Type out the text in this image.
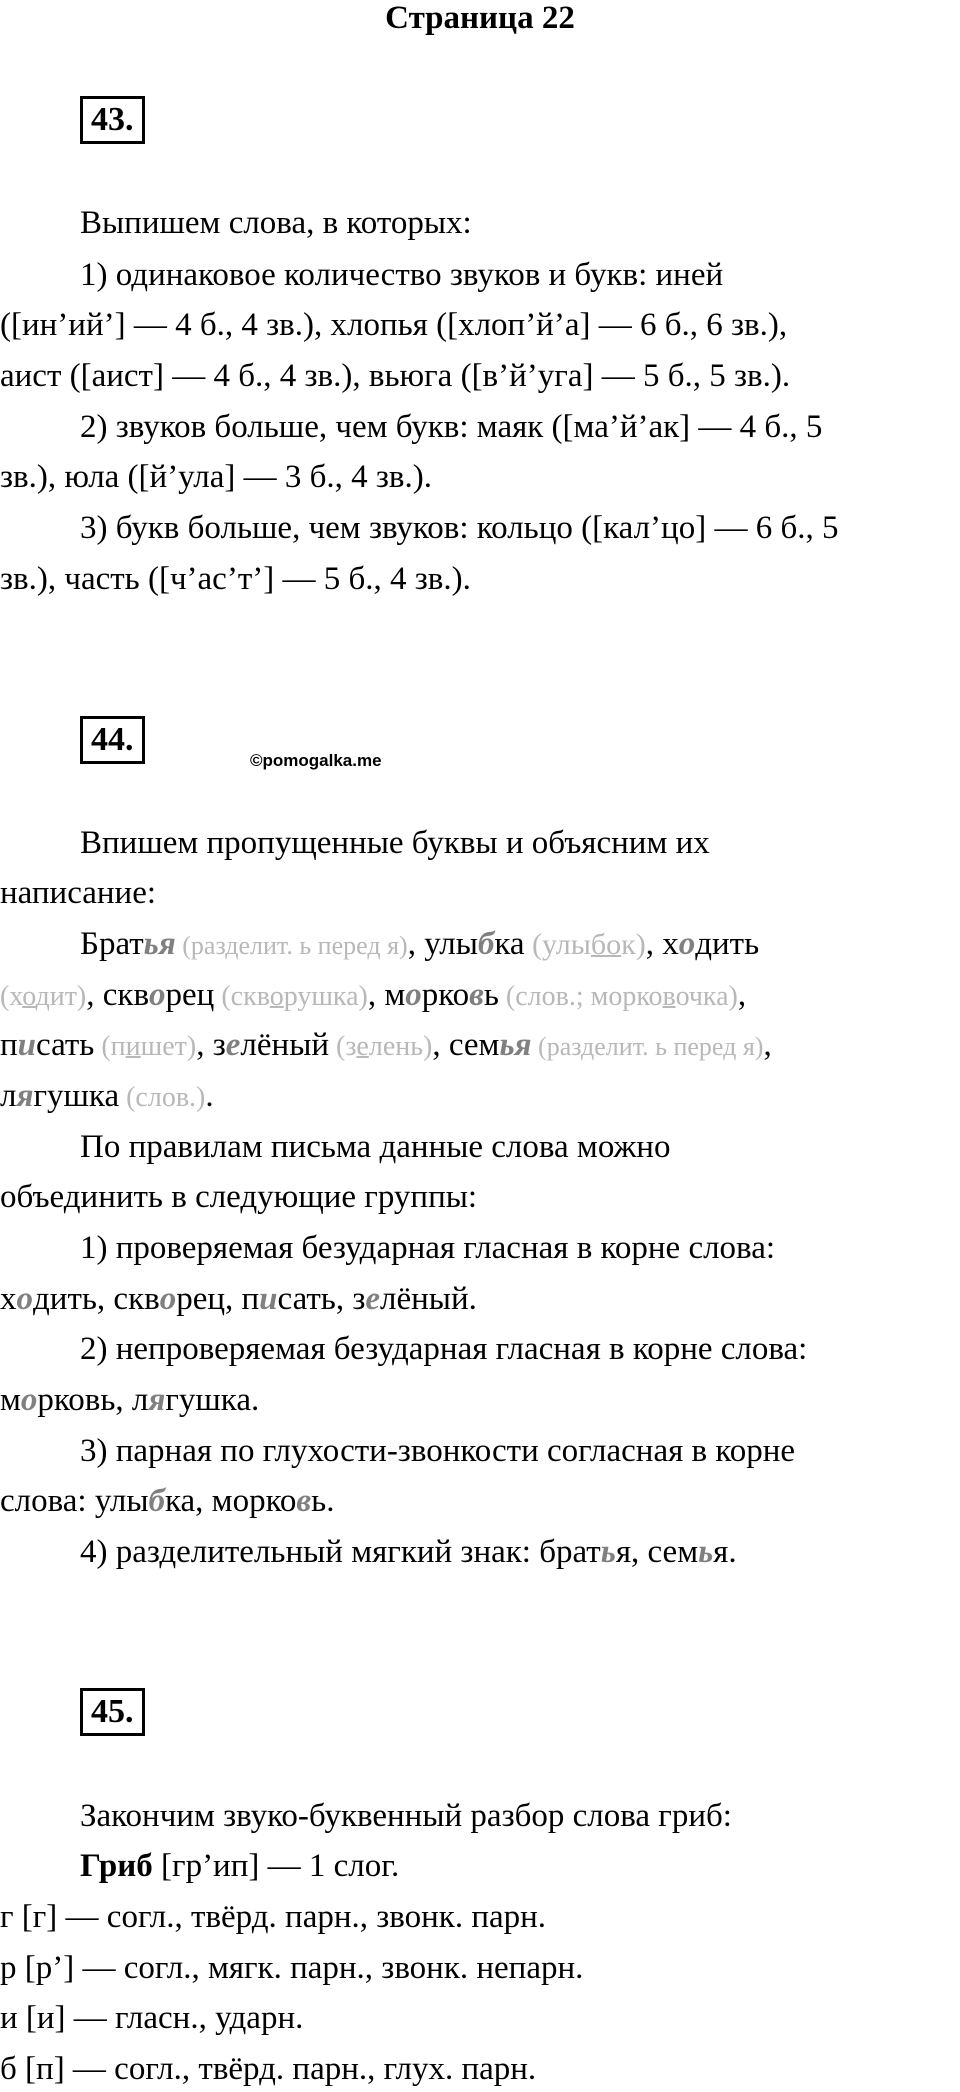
Страница 22
43.
Выпишем слова, в которых:
1) одинаковое количество звуков и букв: иней
([ин’ий’] — 4 б., 4 зв.), хлопья ([хлоп’й’а] — 6 б., 6 зв.),
аист ([аист] — 4 б., 4 зв.), вьюга ([в’й’уга] — 5 б., 5 зв.).
2) звуков больше, чем букв: маяк ([ма’й’ак] — 4 б., 5
зв.), юла ([й’ула] — 3 б., 4 зв.).
3) букв больше, чем звуков: кольцо ([кал’цо] — 6 б., 5
зв.), часть ([ч’ас’т’] — 5 б., 4 зв.).
44.
©pomogalka.me
Впишем пропущенные буквы и объясним их
написание:
Братья (разделит. ь перед я), улыбка (улыбок), ходить
(ходит), скворец (скворушка), морковь (слов.; морковочка),
писать (пишет), зелёный (зелень), семья (разделит. ь перед я),
лягушка (слов.).
По правилам письма данные слова можно
объединить в следующие группы:
1) проверяемая безударная гласная в корне слова:
ходить, скворец, писать, зелёный.
2) непроверяемая безударная гласная в корне слова:
морковь, лягушка.
3) парная по глухости-звонкости согласная в корне
слова: улыбка, морковь.
4) разделительный мягкий знак: братья, семья.
45.
Закончим звуко-буквенный разбор слова гриб:
Гриб [гр’ип] — 1 слог.
г [г] — согл., твёрд. парн., звонк. парн.
р [р’] — согл., мягк. парн., звонк. непарн.
и [и] — гласн., ударн.
б [п] — согл., твёрд. парн., глух. парн.
